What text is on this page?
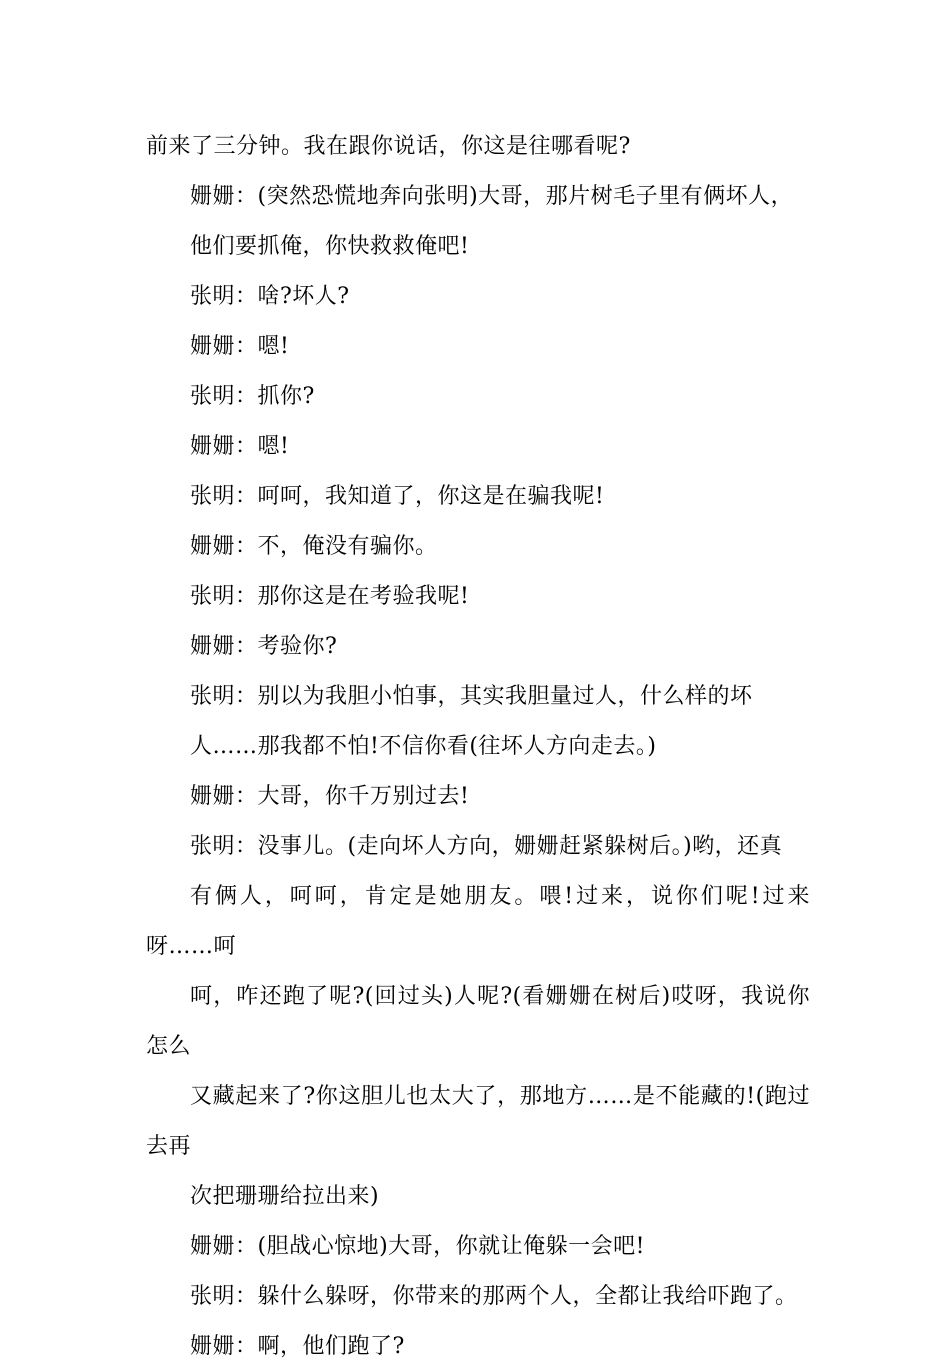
前来了三分钟。我在跟你说话，你这是往哪看呢?

姗姗：(突然恐慌地奔向张明)大哥，那片树毛子里有俩坏人，
他们要抓俺，你快救救俺吧!

张明：啥?坏人?

姗姗：嗯!

张明：抓你?

姗姗：嗯!

张明：呵呵，我知道了，你这是在骗我呢!

姗姗：不，俺没有骗你。

张明：那你这是在考验我呢!

姗姗：考验你?

张明：别以为我胆小怕事，其实我胆量过人，什么样的坏
人……那我都不怕!不信你看(往坏人方向走去。)

姗姗：大哥，你千万别过去!

张明：没事儿。(走向坏人方向，姗姗赶紧躲树后。)哟，还真
有俩人，呵呵，肯定是她朋友。喂!过来，说你们呢!过来呀……呵
呵，咋还跑了呢?(回过头)人呢?(看姗姗在树后)哎呀，我说你怎么
又藏起来了?你这胆儿也太大了，那地方……是不能藏的!(跑过去再
次把珊珊给拉出来)

姗姗：(胆战心惊地)大哥，你就让俺躲一会吧!

张明：躲什么躲呀，你带来的那两个人，全都让我给吓跑了。

姗姗：啊，他们跑了?
